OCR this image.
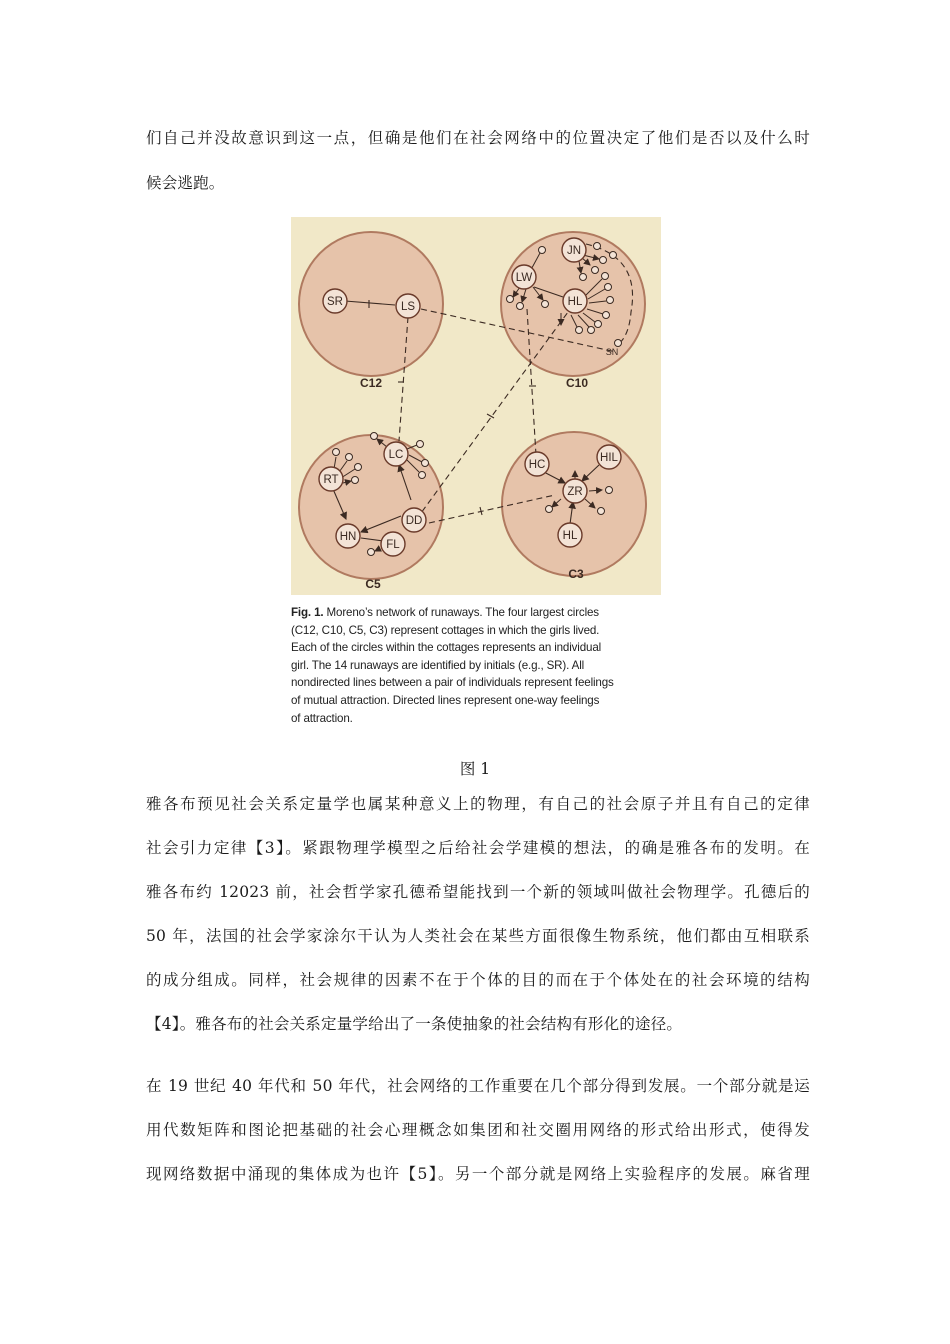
们自己并没故意识到这一点，但确是他们在社会网络中的位置决定了他们是否以及什么时
候会逃跑。
SR	LS
JN
LW
HL
SN
RT
LC
DD
HN
FL
HC
HIL
ZR
HL
C12	C10
C5
C3
Fig. 1. Moreno’s network of runaways. The four largest circles
(C12, C10, C5, C3) represent cottages in which the girls lived.
Each of the circles within the cottages represents an individual
girl. The 14 runaways are identified by initials (e.g., SR). All
nondirected lines between a pair of individuals represent feelings
of mutual attraction. Directed lines represent one-way feelings
of attraction.
图 1
雅各布预见社会关系定量学也属某种意义上的物理，有自己的社会原子并且有自己的定律
社会引力定律【3】。紧跟物理学模型之后给社会学建模的想法，的确是雅各布的发明。在
雅各布约 12023 前，社会哲学家孔德希望能找到一个新的领域叫做社会物理学。孔德后的
50 年，法国的社会学家涂尔干认为人类社会在某些方面很像生物系统，他们都由互相联系
的成分组成。同样，社会规律的因素不在于个体的目的而在于个体处在的社会环境的结构
【4】。雅各布的社会关系定量学给出了一条使抽象的社会结构有形化的途径。
在 19 世纪 40 年代和 50 年代，社会网络的工作重要在几个部分得到发展。一个部分就是运
用代数矩阵和图论把基础的社会心理概念如集团和社交圈用网络的形式给出形式，使得发
现网络数据中涌现的集体成为也许【5】。另一个部分就是网络上实验程序的发展。麻省理
